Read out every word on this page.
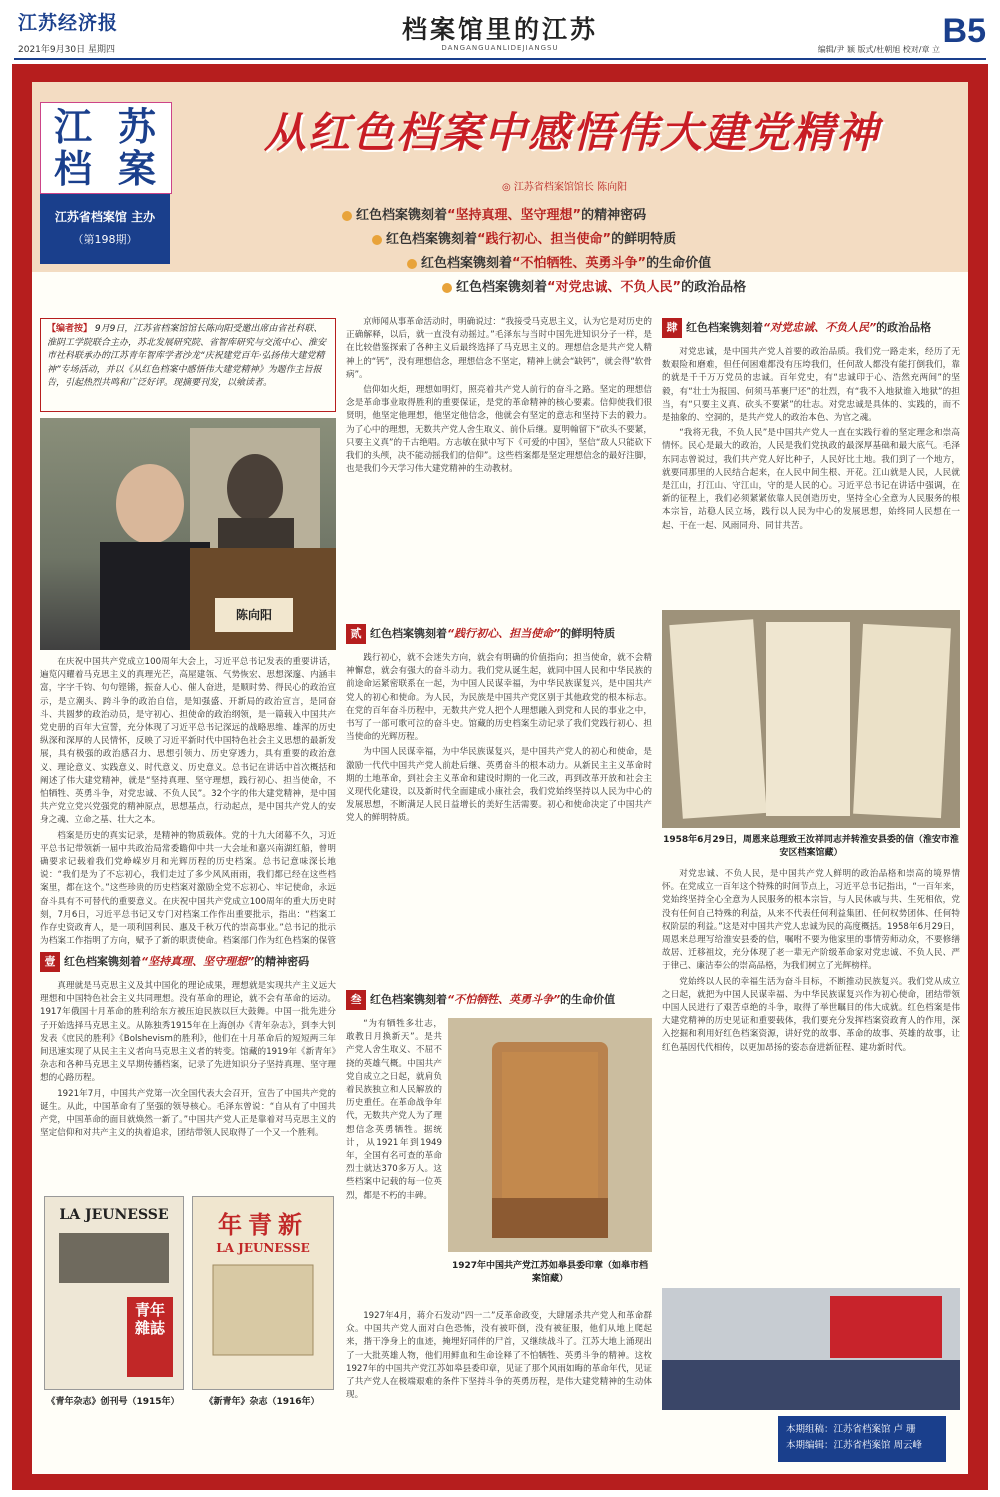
江苏经济报
2021年9月30日 星期四
档案馆里的江苏
DANGANGUANLIDEJIANGSU	编辑/尹 颖 版式/杜朝旭 校对/章 立 B5
江 苏
档 案
江苏省档案馆 主办
（第198期）
从红色档案中感悟伟大建党精神
◎ 江苏省档案馆馆长 陈向阳
红色档案镌刻着“坚持真理、坚守理想”的精神密码
红色档案镌刻着“践行初心、担当使命”的鲜明特质
红色档案镌刻着“不怕牺牲、英勇斗争”的生命价值
红色档案镌刻着“对党忠诚、不负人民”的政治品格
【编者按】 9月9日，江苏省档案馆馆长陈向阳受邀出席由省社科联、淮阴工学院联合主办，苏北发展研究院、省智库研究与交流中心、淮安市社科联承办的江苏青年智库学者沙龙“庆祝建党百年·弘扬伟大建党精神”专场活动，并以《从红色档案中感悟伟大建党精神》为题作主旨报告，引起热烈共鸣和广泛好评。现摘要刊发，以飨读者。
陈向阳

在庆祝中国共产党成立100周年大会上，习近平总书记发表的重要讲话，遍览闪耀着马克思主义的真理光芒，高屋建瓴、气势恢宏、思想深邃、内涵丰富，字字千钧、句句铿锵，振奋人心、催人奋进，是顺时势、得民心的政治宣示，是立潮头、跨斗争的政治自信，是知强盛、开新局的政治宣言，是同奋斗、共圆梦的政治动员，是守初心、担使命的政治纲领，是一篇载入中国共产党史册的百年大宣誓，充分体现了习近平总书记深远的战略思维、雄浑的历史纵深和深厚的人民情怀，反映了习近平新时代中国特色社会主义思想的最新发展，具有极强的政治感召力、思想引领力、历史穿透力，具有重要的政治意义、理论意义、实践意义、时代意义、历史意义。总书记在讲话中首次概括和阐述了伟大建党精神，就是“坚持真理、坚守理想，践行初心、担当使命，不怕牺牲、英勇斗争，对党忠诚、不负人民”。32个字的伟大建党精神，是中国共产党立党兴党强党的精神原点，思想基点，行动起点，是中国共产党人的安身之魂、立命之基、壮大之本。

档案是历史的真实记录，是精神的物质载体。党的十九大闭幕不久，习近平总书记带领新一届中共政治局常委瞻仰中共一大会址和嘉兴南湖红船，曾明确要求记载着我们党峥嵘岁月和光辉历程的历史档案。总书记意味深长地说：“我们是为了不忘初心，我们走过了多少风风雨雨，我们都已经在这些档案里，都在这个。”这些珍贵的历史档案对激励全党不忘初心、牢记使命，永远奋斗具有不可替代的重要意义。在庆祝中国共产党成立100周年的重大历史时刻，7月6日，习近平总书记又专门对档案工作作出重要批示，指出：“档案工作存史资政育人，是一项利国利民、惠及千秋万代的崇高事业。”总书记的批示为档案工作指明了方向，赋予了新的职责使命。档案部门作为红色档案的保管

壹 红色档案镌刻着“坚持真理、坚守理想”的精神密码

真理就是马克思主义及其中国化的理论成果，理想就是实现共产主义远大理想和中国特色社会主义共同理想。没有革命的理论，就不会有革命的运动。1917年俄国十月革命的胜利给东方被压迫民族以巨大鼓舞。中国一批先进分子开始选择马克思主义。从陈独秀1915年在上海创办《青年杂志》，到李大钊发表《庶民的胜利》《Bolshevism的胜利》，他们在十月革命后的短短两三年间迅速实现了从民主主义者向马克思主义者的转变。馆藏的1919年《新青年》杂志和各种马克思主义早期传播档案，记录了先进知识分子坚持真理、坚守理想的心路历程。

1921年7月，中国共产党第一次全国代表大会召开，宣告了中国共产党的诞生。从此，中国革命有了坚强的领导核心。毛泽东曾说：“自从有了中国共产党，中国革命的面目就焕然一新了。”中国共产党人正是靠着对马克思主义的坚定信仰和对共产主义的执着追求，团结带领人民取得了一个又一个胜利。

LA JEUNESSE
青年雜誌
年青新
LA JEUNESSE
《青年杂志》创刊号（1915年）	《新青年》杂志（1916年）

京师闻从事革命活动时，明确说过：“我接受马克思主义，认为它是对历史的正确解释，以后，就一直没有动摇过。”毛泽东与当时中国先进知识分子一样，是在比较借鉴探索了各种主义后最终选择了马克思主义的。理想信念是共产党人精神上的“钙”，没有理想信念，理想信念不坚定，精神上就会“缺钙”，就会得“软骨病”。

信仰如火炬，理想如明灯，照亮着共产党人前行的奋斗之路。坚定的理想信念是革命事业取得胜利的重要保证，是党的革命精神的核心要素。信仰使我们很贤明，他坚定他理想，他坚定他信念，他就会有坚定的意志和坚持下去的毅力。为了心中的理想，无数共产党人舍生取义、前仆后继。夏明翰留下“砍头不要紧，只要主义真”的千古绝唱。方志敏在狱中写下《可爱的中国》，坚信“敌人只能砍下我们的头颅，决不能动摇我们的信仰”。这些档案都是坚定理想信念的最好注脚，也是我们今天学习伟大建党精神的生动教材。

贰 红色档案镌刻着“践行初心、担当使命”的鲜明特质

践行初心，就不会迷失方向，就会有明确的价值指向；担当使命，就不会精神懈怠，就会有强大的奋斗动力。我们党从诞生起，就同中国人民和中华民族的前途命运紧密联系在一起，为中国人民谋幸福，为中华民族谋复兴，是中国共产党人的初心和使命。为人民，为民族是中国共产党区别于其他政党的根本标志。在党的百年奋斗历程中，无数共产党人把个人理想融入到党和人民的事业之中，书写了一部可歌可泣的奋斗史。馆藏的历史档案生动记录了我们党践行初心、担当使命的光辉历程。

为中国人民谋幸福，为中华民族谋复兴，是中国共产党人的初心和使命，是激励一代代中国共产党人前赴后继、英勇奋斗的根本动力。从新民主主义革命时期的土地革命，到社会主义革命和建设时期的一化三改，再到改革开放和社会主义现代化建设，以及新时代全面建成小康社会，我们党始终坚持以人民为中心的发展思想，不断满足人民日益增长的美好生活需要。初心和使命决定了中国共产党人的鲜明特质。

叁 红色档案镌刻着“不怕牺牲、英勇斗争”的生命价值

“为有牺牲多壮志，敢教日月换新天”。是共产党人舍生取义、不屈不挠的英雄气概。中国共产党自成立之日起，就肩负着民族独立和人民解放的历史重任。在革命战争年代，无数共产党人为了理想信念英勇牺牲。据统计，从1921年到1949年，全国有名可查的革命烈士就达370多万人。这些档案中记载的每一位英烈，都是不朽的丰碑。

1927年中国共产党江苏如皋县委印章（如皋市档案馆藏）

1927年4月，蒋介石发动“四一二”反革命政变，大肆屠杀共产党人和革命群众。中国共产党人面对白色恐怖，没有被吓倒，没有被征服，他们从地上爬起来，揩干净身上的血迹，掩埋好同伴的尸首，又继续战斗了。江苏大地上涌现出了一大批英雄人物，他们用鲜血和生命诠释了不怕牺牲、英勇斗争的精神。这枚1927年的中国共产党江苏如皋县委印章，见证了那个风雨如晦的革命年代，见证了共产党人在极端艰难的条件下坚持斗争的英勇历程，是伟大建党精神的生动体现。

肆 红色档案镌刻着“对党忠诚、不负人民”的政治品格

对党忠诚，是中国共产党人首要的政治品质。我们党一路走来，经历了无数艰险和磨难，但任何困难都没有压垮我们，任何敌人都没有能打倒我们，靠的就是千千万万党员的忠诚。百年党史，有“忠诚印于心、浩然充两间”的坚毅，有“壮士为报国、何须马革裹尸还”的壮烈，有“我不入地狱谁入地狱”的担当，有“只要主义真、砍头不要紧”的壮志。对党忠诚是具体的、实践的，而不是抽象的、空洞的，是共产党人的政治本色、为官之魂。

“我将无我，不负人民”是中国共产党人一直在实践行着的坚定理念和崇高情怀。民心是最大的政治，人民是我们党执政的最深厚基础和最大底气。毛泽东同志曾说过，我们共产党人好比种子，人民好比土地。我们到了一个地方，就要同那里的人民结合起来，在人民中间生根、开花。江山就是人民，人民就是江山，打江山、守江山，守的是人民的心。习近平总书记在讲话中强调，在新的征程上，我们必须紧紧依靠人民创造历史，坚持全心全意为人民服务的根本宗旨，站稳人民立场，践行以人民为中心的发展思想，始终同人民想在一起、干在一起、风雨同舟、同甘共苦。

1958年6月29日，周恩来总理致王汝祥同志并转淮安县委的信（淮安市淮安区档案馆藏）

对党忠诚、不负人民，是中国共产党人鲜明的政治品格和崇高的境界情怀。在党成立一百年这个特殊的时间节点上，习近平总书记指出，“一百年来，党始终坚持全心全意为人民服务的根本宗旨，与人民休戚与共、生死相依，党没有任何自己特殊的利益，从来不代表任何利益集团、任何权势团体、任何特权阶层的利益。”这是对中国共产党人忠诚为民的高度概括。1958年6月29日，周恩来总理写给淮安县委的信，嘱咐不要为他家里的事情劳师动众，不要修缮故居、迁移祖坟，充分体现了老一辈无产阶级革命家对党忠诚、不负人民、严于律己、廉洁奉公的崇高品格，为我们树立了光辉榜样。

党始终以人民的幸福生活为奋斗目标，不断推动民族复兴。我们党从成立之日起，就把为中国人民谋幸福、为中华民族谋复兴作为初心使命，团结带领中国人民进行了艰苦卓绝的斗争，取得了举世瞩目的伟大成就。红色档案是伟大建党精神的历史见证和重要载体，我们要充分发挥档案资政育人的作用，深入挖掘和利用好红色档案资源，讲好党的故事、革命的故事、英雄的故事，让红色基因代代相传，以更加昂扬的姿态奋进新征程、建功新时代。

本期组稿：江苏省档案馆 卢 珊
本期编辑：江苏省档案馆 周云峰
